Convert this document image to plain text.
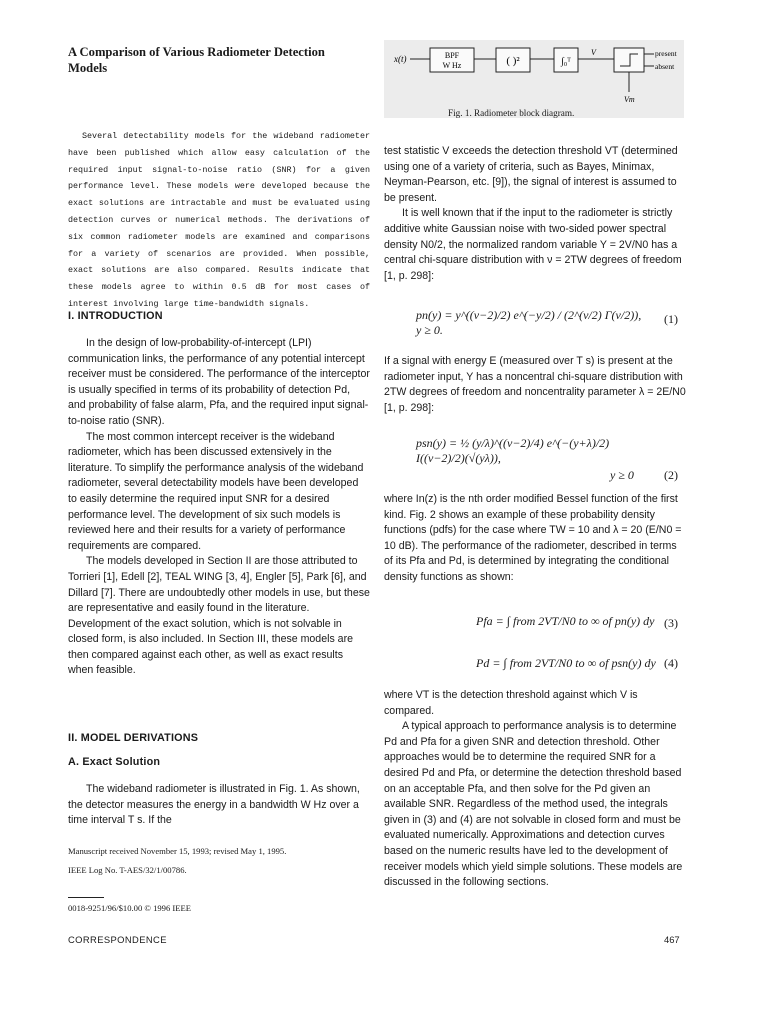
A Comparison of Various Radiometer Detection Models

Several detectability models for the wideband radiometer have been published which allow easy calculation of the required input signal-to-noise ratio (SNR) for a given performance level. These models were developed because the exact solutions are intractable and must be evaluated using detection curves or numerical methods. The derivations of six common radiometer models are examined and comparisons for a variety of scenarios are provided. When possible, exact solutions are also compared. Results indicate that these models agree to within 0.5 dB for most cases of interest involving large time-bandwidth signals.

I. INTRODUCTION

In the design of low-probability-of-intercept (LPI) communication links, the performance of any potential intercept receiver must be considered. The performance of the interceptor is usually specified in terms of its probability of detection Pd, and probability of false alarm, Pfa, and the required input signal-to-noise ratio (SNR).

The most common intercept receiver is the wideband radiometer, which has been discussed extensively in the literature. To simplify the performance analysis of the wideband radiometer, several detectability models have been developed to easily determine the required input SNR for a desired performance level. The development of six such models is reviewed here and their results for a variety of performance requirements are compared.

The models developed in Section II are those attributed to Torrieri [1], Edell [2], TEAL WING [3, 4], Engler [5], Park [6], and Dillard [7]. There are undoubtedly other models in use, but these are representative and easily found in the literature. Development of the exact solution, which is not solvable in closed form, is also included. In Section III, these models are then compared against each other, as well as exact results when feasible.

II. MODEL DERIVATIONS
A. Exact Solution

The wideband radiometer is illustrated in Fig. 1. As shown, the detector measures the energy in a bandwidth W Hz over a time interval T s. If the

Manuscript received November 15, 1993; revised May 1, 1995.

IEEE Log No. T-AES/32/1/00786.

0018-9251/96/$10.00 © 1996 IEEE

CORRESPONDENCE	467
x(t)	BPF
W Hz	( )²	∫₀ᵀ
V	present
absent
Vт
Fig. 1. Radiometer block diagram.

test statistic V exceeds the detection threshold VT (determined using one of a variety of criteria, such as Bayes, Minimax, Neyman-Pearson, etc. [9]), the signal of interest is assumed to be present.

It is well known that if the input to the radiometer is strictly additive white Gaussian noise with two-sided power spectral density N0/2, the normalized random variable Y = 2V/N0 has a central chi-square distribution with ν = 2TW degrees of freedom [1, p. 298]:

pn(y) = y^((ν−2)/2) e^(−y/2) / (2^(ν/2) Γ(ν/2)), y ≥ 0.
(1)

If a signal with energy E (measured over T s) is present at the radiometer input, Y has a noncentral chi-square distribution with 2TW degrees of freedom and noncentrality parameter λ = 2E/N0 [1, p. 298]:

psn(y) = ½ (y/λ)^((ν−2)/4) e^(−(y+λ)/2) I((ν−2)/2)(√(yλ)),
y ≥ 0	(2)

where In(z) is the nth order modified Bessel function of the first kind. Fig. 2 shows an example of these probability density functions (pdfs) for the case where TW = 10 and λ = 20 (E/N0 = 10 dB). The performance of the radiometer, described in terms of its Pfa and Pd, is determined by integrating the conditional density functions as shown:

Pfa = ∫ from 2VT/N0 to ∞ of pn(y) dy (3)
Pd = ∫ from 2VT/N0 to ∞ of psn(y) dy (4)

where VT is the detection threshold against which V is compared.

A typical approach to performance analysis is to determine Pd and Pfa for a given SNR and detection threshold. Other approaches would be to determine the required SNR for a desired Pd and Pfa, or determine the detection threshold based on an acceptable Pfa, and then solve for the Pd given an available SNR. Regardless of the method used, the integrals given in (3) and (4) are not solvable in closed form and must be evaluated numerically. Approximations and detection curves based on the numeric results have led to the development of receiver models which yield simple solutions. These models are discussed in the following sections.
